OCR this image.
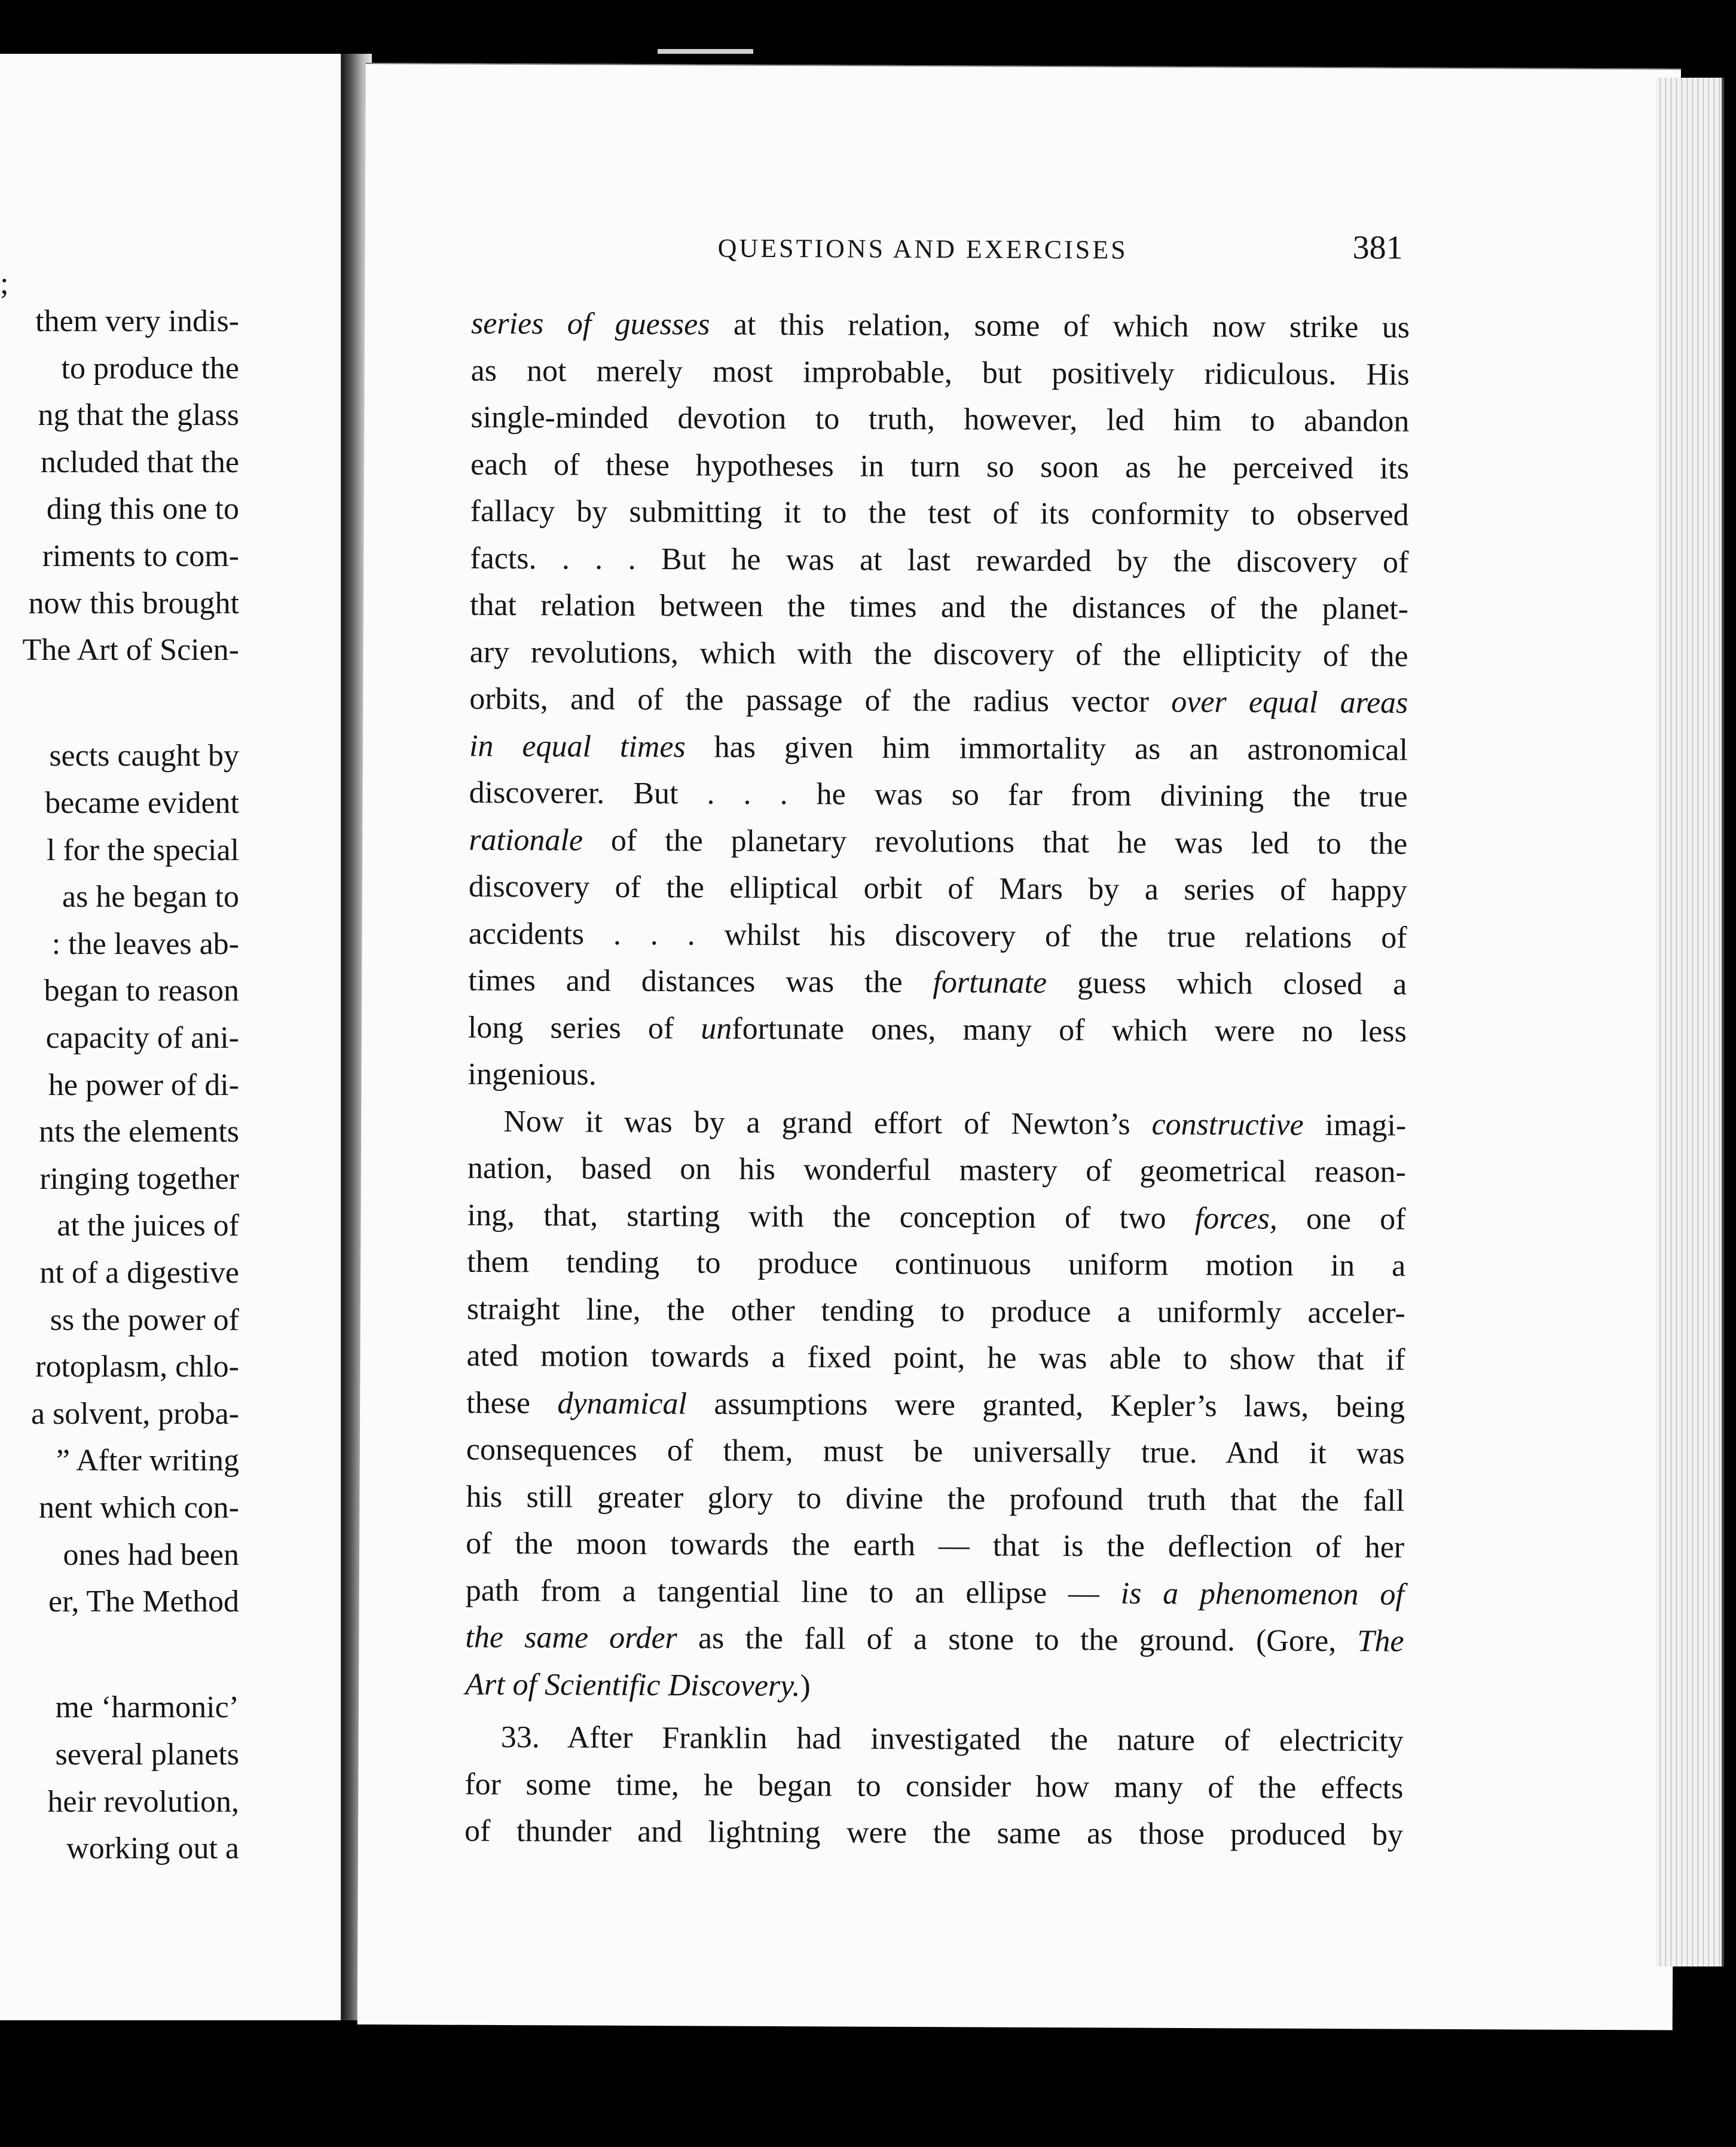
;
them very indis-
to produce the
ng that the glass
ncluded that the
ding this one to
riments to com-
now this brought
The Art of Scien-
sects caught by
became evident
l for the special
as he began to
: the leaves ab-
began to reason
capacity of ani-
he power of di-
nts the elements
ringing together
at the juices of
nt of a digestive
ss the power of
rotoplasm, chlo-
a solvent, proba-
” After writing
nent which con-
ones had been
er, The Method
me ‘harmonic’
several planets
heir revolution,
working out a
QUESTIONS AND EXERCISES	381
series of guesses at this relation, some of which now strike us
as not merely most improbable, but positively ridiculous. His
single-minded devotion to truth, however, led him to abandon
each of these hypotheses in turn so soon as he perceived its
fallacy by submitting it to the test of its conformity to observed
facts. . . . But he was at last rewarded by the discovery of
that relation between the times and the distances of the planet-
ary revolutions, which with the discovery of the ellipticity of the
orbits, and of the passage of the radius vector over equal areas
in equal times has given him immortality as an astronomical
discoverer. But . . . he was so far from divining the true
rationale of the planetary revolutions that he was led to the
discovery of the elliptical orbit of Mars by a series of happy
accidents . . . whilst his discovery of the true relations of
times and distances was the fortunate guess which closed a
long series of unfortunate ones, many of which were no less
ingenious.
Now it was by a grand effort of Newton’s constructive imagi-
nation, based on his wonderful mastery of geometrical reason-
ing, that, starting with the conception of two forces, one of
them tending to produce continuous uniform motion in a
straight line, the other tending to produce a uniformly acceler-
ated motion towards a fixed point, he was able to show that if
these dynamical assumptions were granted, Kepler’s laws, being
consequences of them, must be universally true. And it was
his still greater glory to divine the profound truth that the fall
of the moon towards the earth — that is the deflection of her
path from a tangential line to an ellipse — is a phenomenon of
the same order as the fall of a stone to the ground. (Gore, The
Art of Scientific Discovery.)
33. After Franklin had investigated the nature of electricity
for some time, he began to consider how many of the effects
of thunder and lightning were the same as those produced by
